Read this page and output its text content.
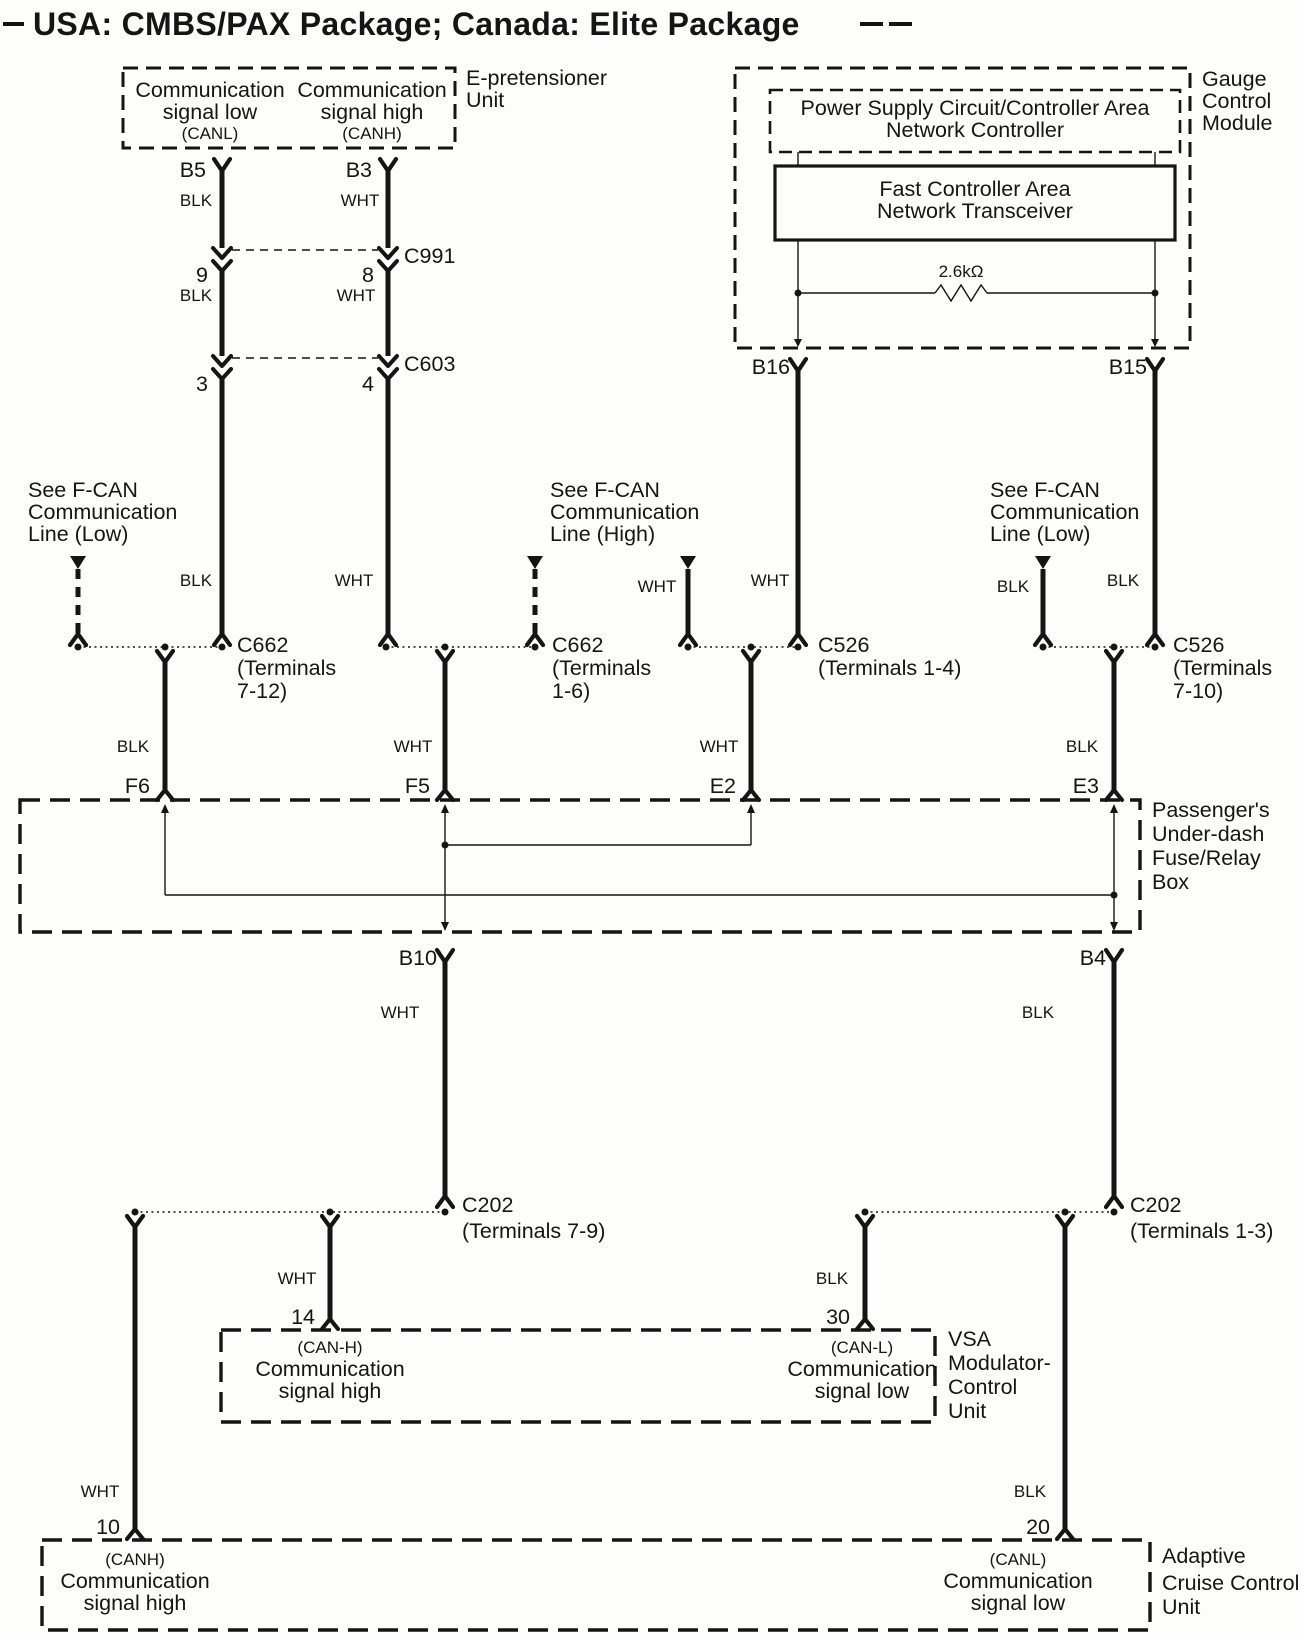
USA: CMBS/PAX Package; Canada: Elite Package
Communication
signal low
(CANL)
Communication
signal high
(CANH)
E-pretensioner
Unit
B5
BLK
9
BLK
3
BLK
B3
WHT
8
WHT
4
WHT
C991
C603
Gauge
Control
Module
Power Supply Circuit/Controller Area
Network Controller
Fast Controller Area
Network Transceiver
2.6kΩ
B16
WHT
B15
BLK
See F-CAN
Communication
Line (Low)
See F-CAN
Communication
Line (High)
WHT
See F-CAN
Communication
Line (Low)
BLK
C662
(Terminals
7-12)
C662
(Terminals
1-6)
C526
(Terminals 1-4)
C526
(Terminals
7-10)
BLK
F6
WHT
F5
WHT
E2
BLK
E3
Passenger's
Under-dash
Fuse/Relay
Box
B10
WHT
B4
BLK
C202
(Terminals 7-9)
C202
(Terminals 1-3)
WHT
10
WHT
14
BLK
30
BLK
20
(CAN-H)
Communication
signal high
(CAN-L)
Communication
signal low
VSA
Modulator-
Control
Unit
(CANH)
Communication
signal high
(CANL)
Communication
signal low
Adaptive
Cruise Control
Unit
